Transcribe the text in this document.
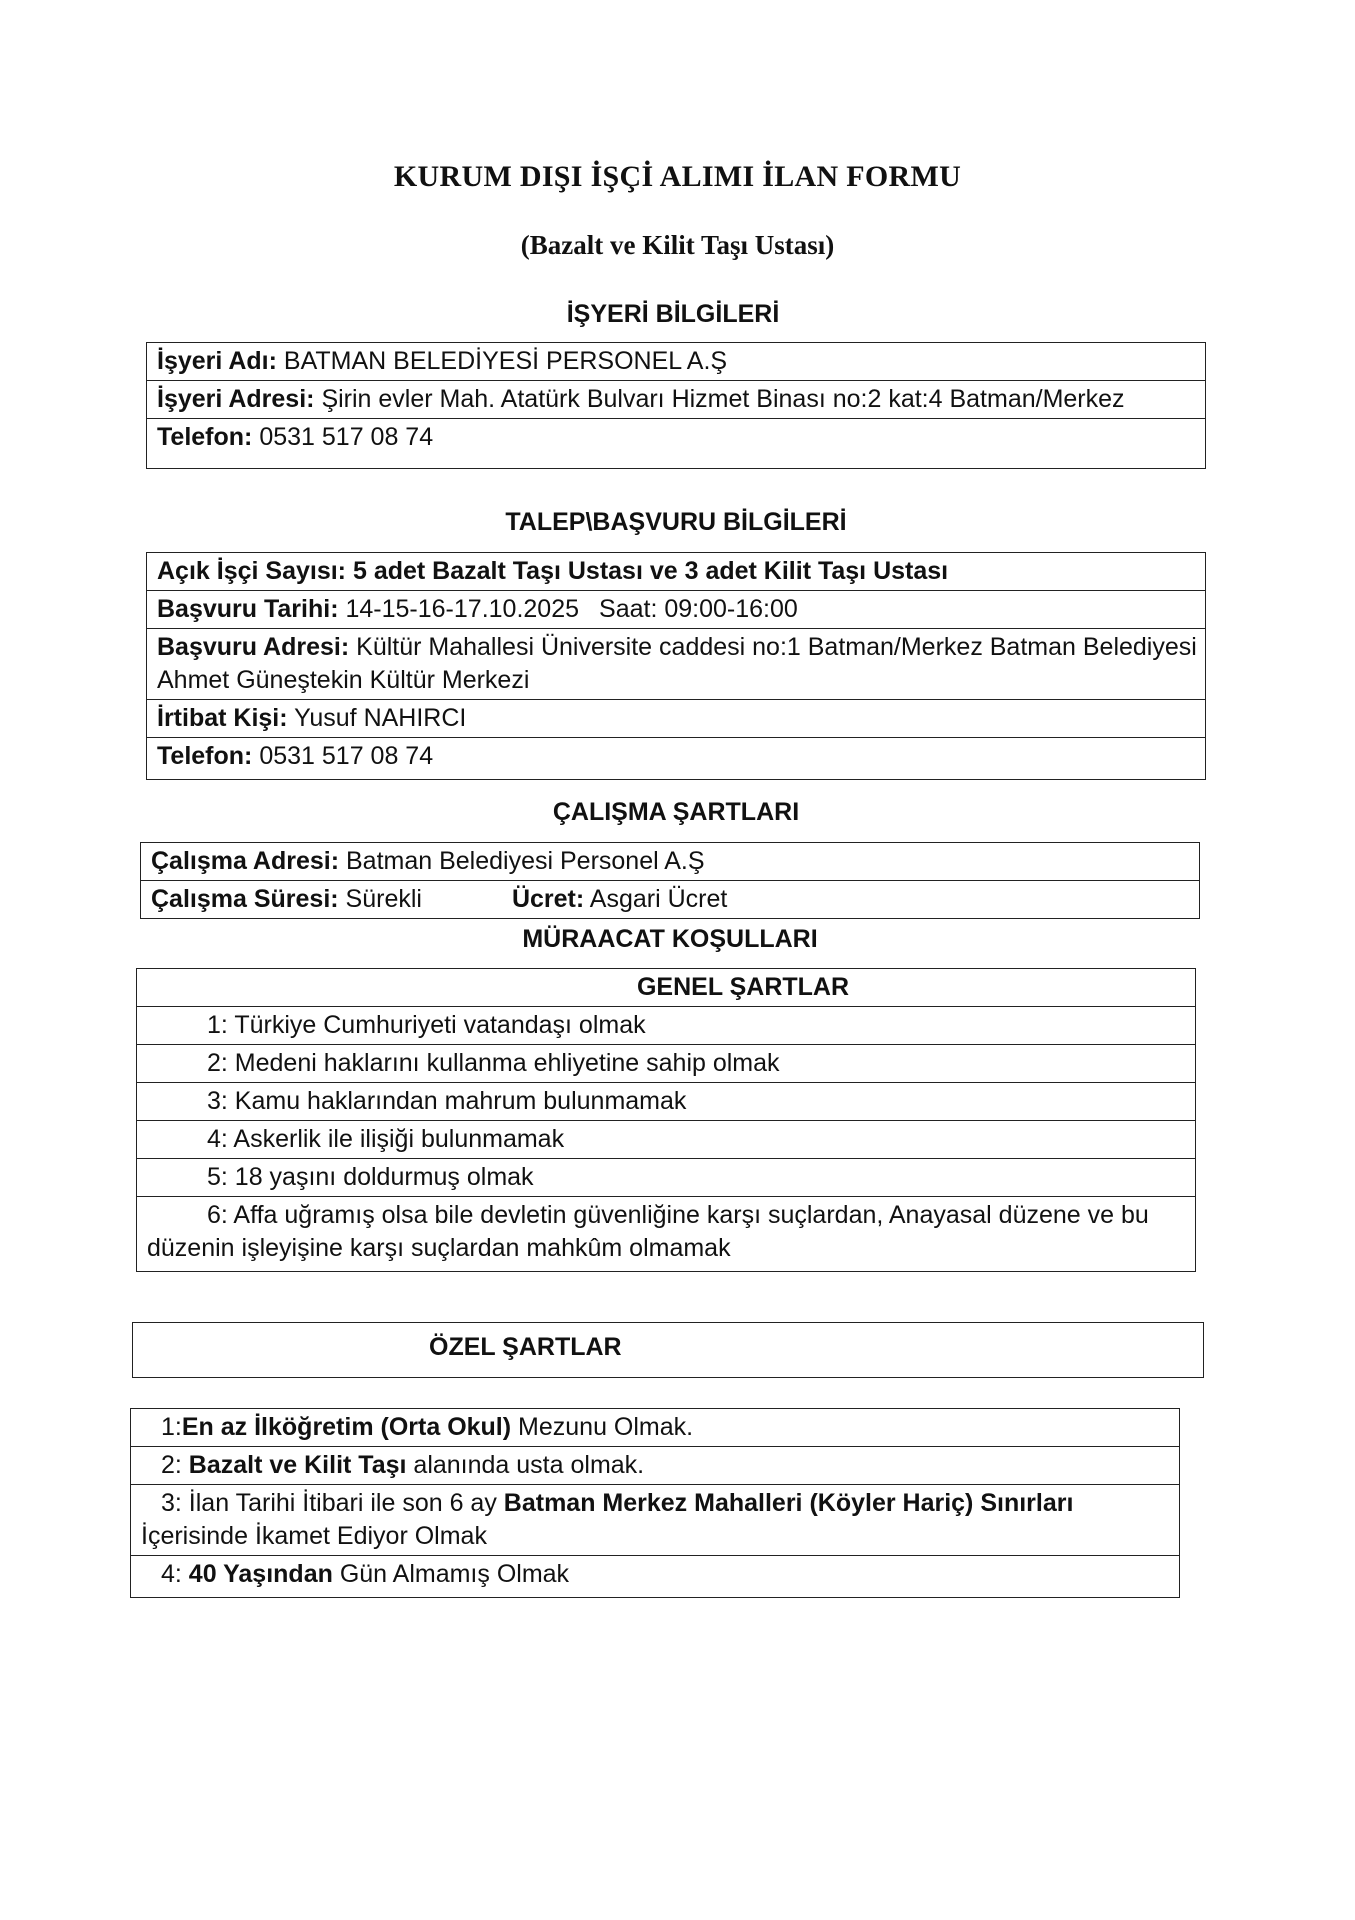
KURUM DIŞI İŞÇİ ALIMI İLAN FORMU
(Bazalt ve Kilit Taşı Ustası)
İŞYERİ BİLGİLERİ
İşyeri Adı: BATMAN BELEDİYESİ PERSONEL A.Ş
İşyeri Adresi: Şirin evler Mah. Atatürk Bulvarı Hizmet Binası no:2 kat:4 Batman/Merkez
Telefon: 0531 517 08 74
TALEP\BAŞVURU BİLGİLERİ
Açık İşçi Sayısı: 5 adet Bazalt Taşı Ustası ve 3 adet Kilit Taşı Ustası
Başvuru Tarihi: 14-15-16-17.10.2025 Saat: 09:00-16:00
Başvuru Adresi: Kültür Mahallesi Üniversite caddesi no:1 Batman/Merkez Batman Belediyesi Ahmet Güneştekin Kültür Merkezi
İrtibat Kişi: Yusuf NAHIRCI
Telefon: 0531 517 08 74
ÇALIŞMA ŞARTLARI
Çalışma Adresi: Batman Belediyesi Personel A.Ş
Çalışma Süresi: Sürekli	Ücret: Asgari Ücret
MÜRAACAT KOŞULLARI
GENEL ŞARTLAR
1: Türkiye Cumhuriyeti vatandaşı olmak
2: Medeni haklarını kullanma ehliyetine sahip olmak
3: Kamu haklarından mahrum bulunmamak
4: Askerlik ile ilişiği bulunmamak
5: 18 yaşını doldurmuş olmak
6: Affa uğramış olsa bile devletin güvenliğine karşı suçlardan, Anayasal düzene ve bu düzenin işleyişine karşı suçlardan mahkûm olmamak
ÖZEL ŞARTLAR
1:En az İlköğretim (Orta Okul) Mezunu Olmak.
2: Bazalt ve Kilit Taşı alanında usta olmak.
3: İlan Tarihi İtibari ile son 6 ay Batman Merkez Mahalleri (Köyler Hariç) Sınırları İçerisinde İkamet Ediyor Olmak
4: 40 Yaşından Gün Almamış Olmak
